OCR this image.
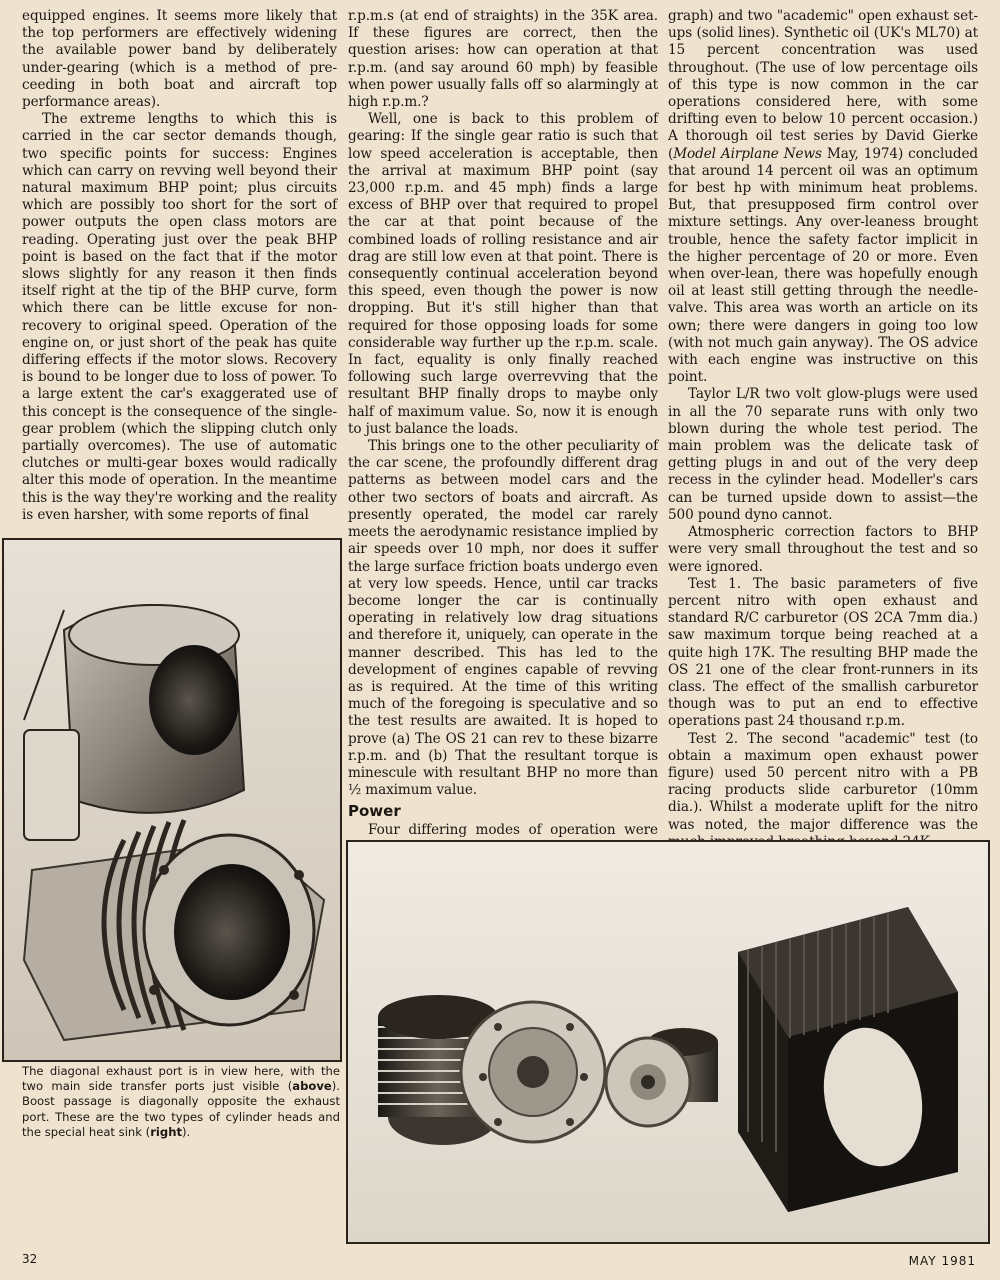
equipped engines. It seems more likely that the top performers are effectively widening the available power band by deliberately under-gearing (which is a method of pre-ceeding in both boat and aircraft top performance areas).

The extreme lengths to which this is carried in the car sector demands though, two specific points for success: Engines which can carry on revving well beyond their natural maximum BHP point; plus circuits which are possibly too short for the sort of power outputs the open class motors are reading. Operating just over the peak BHP point is based on the fact that if the motor slows slightly for any reason it then finds itself right at the tip of the BHP curve, form which there can be little excuse for non-recovery to original speed. Operation of the engine on, or just short of the peak has quite differing effects if the motor slows. Recovery is bound to be longer due to loss of power. To a large extent the car's exaggerated use of this concept is the consequence of the single-gear problem (which the slipping clutch only partially overcomes). The use of automatic clutches or multi-gear boxes would radically alter this mode of operation. In the meantime this is the way they're working and the reality is even harsher, with some reports of final

r.p.m.s (at end of straights) in the 35K area. If these figures are correct, then the question arises: how can operation at that r.p.m. (and say around 60 mph) by feasible when power usually falls off so alarmingly at high r.p.m.?

Well, one is back to this problem of gearing: If the single gear ratio is such that low speed acceleration is acceptable, then the arrival at maximum BHP point (say 23,000 r.p.m. and 45 mph) finds a large excess of BHP over that required to propel the car at that point because of the combined loads of rolling resistance and air drag are still low even at that point. There is consequently continual acceleration beyond this speed, even though the power is now dropping. But it's still higher than that required for those opposing loads for some considerable way further up the r.p.m. scale. In fact, equality is only finally reached following such large overrevving that the resultant BHP finally drops to maybe only half of maximum value. So, now it is enough to just balance the loads.

This brings one to the other peculiarity of the car scene, the profoundly different drag patterns as between model cars and the other two sectors of boats and aircraft. As presently operated, the model car rarely meets the aerodynamic resistance implied by air speeds over 10 mph, nor does it suffer the large surface friction boats undergo even at very low speeds. Hence, until car tracks become longer the car is continually operating in relatively low drag situations and therefore it, uniquely, can operate in the manner described. This has led to the development of engines capable of revving as is required. At the time of this writing much of the foregoing is speculative and so the test results are awaited. It is hoped to prove (a) The OS 21 can rev to these bizarre r.p.m. and (b) That the resultant torque is minescule with resultant BHP no more than ½ maximum value.

Power

Four differing modes of operation were

graph) and two "academic" open exhaust set-ups (solid lines). Synthetic oil (UK's ML70) at 15 percent concentration was used throughout. (The use of low percentage oils of this type is now common in the car operations considered here, with some drifting even to below 10 percent occasion.) A thorough oil test series by David Gierke (Model Airplane News May, 1974) concluded that around 14 percent oil was an optimum for best hp with minimum heat problems. But, that presupposed firm control over mixture settings. Any over-leaness brought trouble, hence the safety factor implicit in the higher percentage of 20 or more. Even when over-lean, there was hopefully enough oil at least still getting through the needle-valve. This area was worth an article on its own; there were dangers in going too low (with not much gain anyway). The OS advice with each engine was instructive on this point.

Taylor L/R two volt glow-plugs were used in all the 70 separate runs with only two blown during the whole test period. The main problem was the delicate task of getting plugs in and out of the very deep recess in the cylinder head. Modeller's cars can be turned upside down to assist—the 500 pound dyno cannot.

Atmospheric correction factors to BHP were very small throughout the test and so were ignored.

Test 1. The basic parameters of five percent nitro with open exhaust and standard R/C carburetor (OS 2CA 7mm dia.) saw maximum torque being reached at a quite high 17K. The resulting BHP made the OS 21 one of the clear front-runners in its class. The effect of the smallish carburetor though was to put an end to effective operations past 24 thousand r.p.m.

Test 2. The second "academic" test (to obtain a maximum open exhaust power figure) used 50 percent nitro with a PB racing products slide carburetor (10mm dia.). Whilst a moderate uplift for the nitro was noted, the major difference was the

The diagonal exhaust port is in view here, with the two main side transfer ports just visible (above). Boost passage is diagonally opposite the exhaust port. These are the two types of cylinder heads and the special heat sink (right).
32	MAY 1981
